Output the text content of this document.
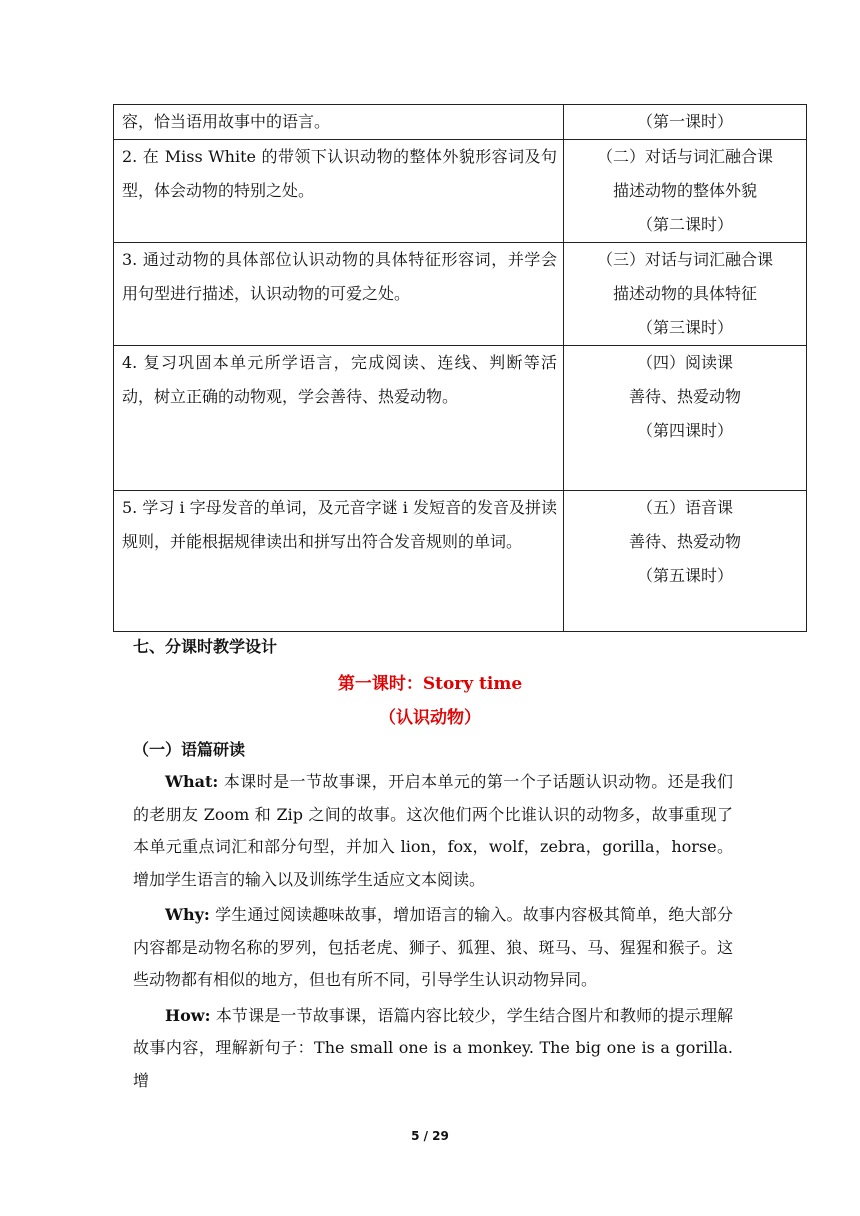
容，恰当语用故事中的语言。	（第一课时）

2. 在 Miss White 的带领下认识动物的整体外貌形容词及句型，体会动物的特别之处。	（二）对话与词汇融合课
描述动物的整体外貌
（第二课时）

3. 通过动物的具体部位认识动物的具体特征形容词，并学会用句型进行描述，认识动物的可爱之处。	（三）对话与词汇融合课
描述动物的具体特征
（第三课时）

4. 复习巩固本单元所学语言，完成阅读、连线、判断等活动，树立正确的动物观，学会善待、热爱动物。	（四）阅读课
善待、热爱动物
（第四课时）

5. 学习 i 字母发音的单词，及元音字谜 i 发短音的发音及拼读规则，并能根据规律读出和拼写出符合发音规则的单词。	（五）语音课
善待、热爱动物
（第五课时）
七、分课时教学设计
第一课时：Story time
（认识动物）
（一）语篇研读

What: 本课时是一节故事课，开启本单元的第一个子话题认识动物。还是我们的老朋友 Zoom 和 Zip 之间的故事。这次他们两个比谁认识的动物多，故事重现了本单元重点词汇和部分句型，并加入 lion，fox，wolf，zebra，gorilla，horse。增加学生语言的输入以及训练学生适应文本阅读。

Why: 学生通过阅读趣味故事，增加语言的输入。故事内容极其简单，绝大部分内容都是动物名称的罗列，包括老虎、狮子、狐狸、狼、斑马、马、猩猩和猴子。这些动物都有相似的地方，但也有所不同，引导学生认识动物异同。

How: 本节课是一节故事课，语篇内容比较少，学生结合图片和教师的提示理解故事内容，理解新句子：The small one is a monkey. The big one is a gorilla. 增

5 / 29
